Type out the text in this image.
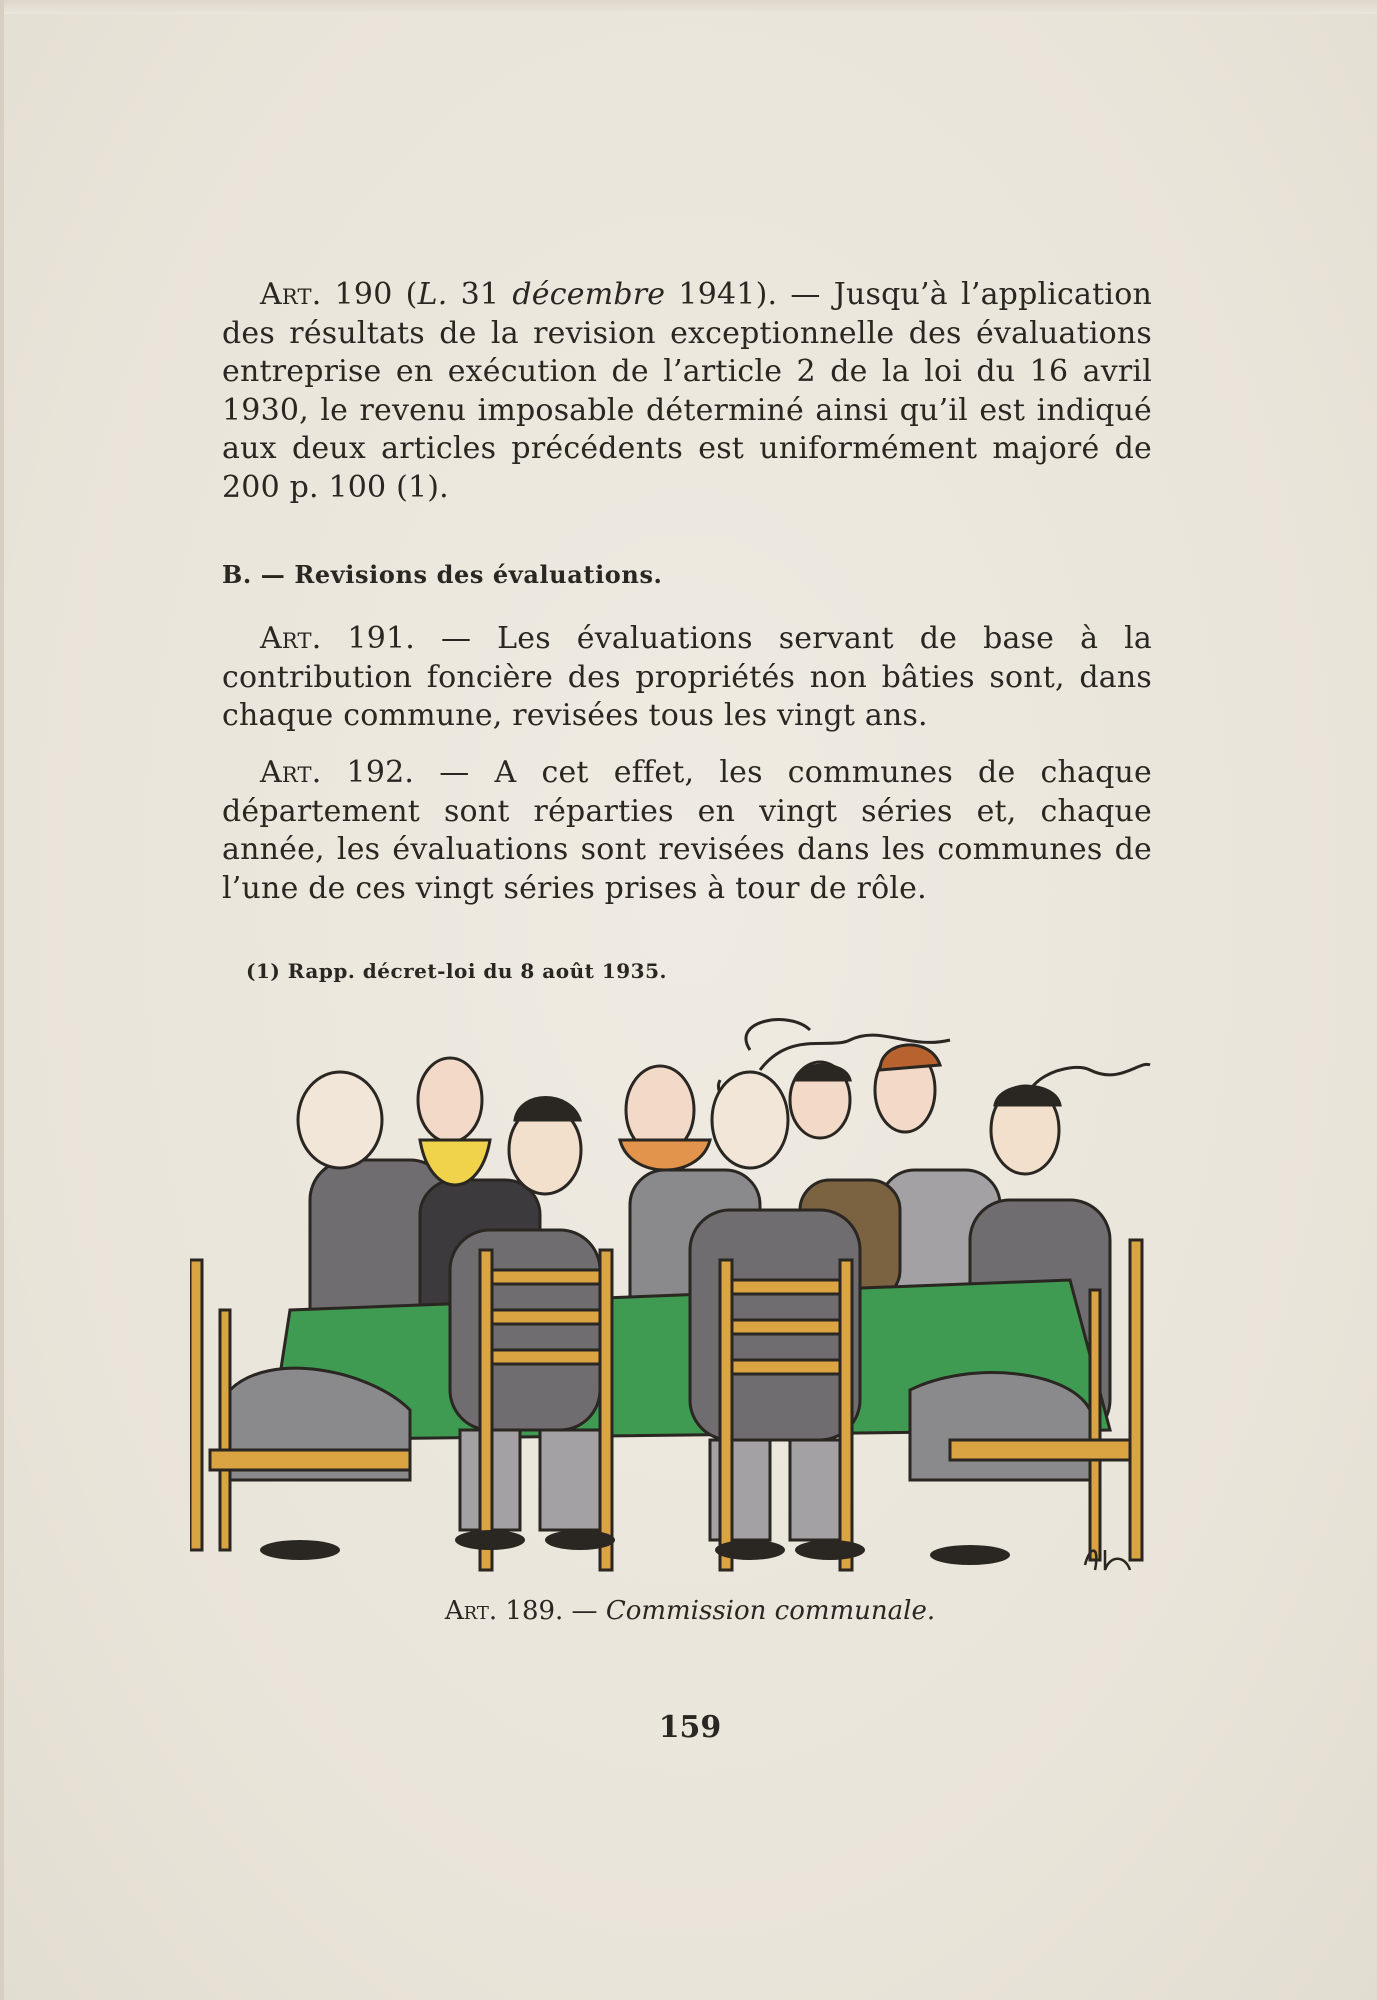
Art. 190 (L. 31 décembre 1941). — Jusqu’à l’application des résultats de la revision exceptionnelle des évaluations entreprise en exécution de l’article 2 de la loi du 16 avril 1930, le revenu imposable déterminé ainsi qu’il est indiqué aux deux articles précédents est uniformément majoré de 200 p. 100 (1).

B. — Revisions des évaluations.

Art. 191. — Les évaluations servant de base à la contribution foncière des propriétés non bâties sont, dans chaque commune, revisées tous les vingt ans.

Art. 192. — A cet effet, les communes de chaque département sont réparties en vingt séries et, chaque année, les évaluations sont revisées dans les communes de l’une de ces vingt séries prises à tour de rôle.

(1) Rapp. décret-loi du 8 août 1935.

Art. 189. — Commission communale.
159
